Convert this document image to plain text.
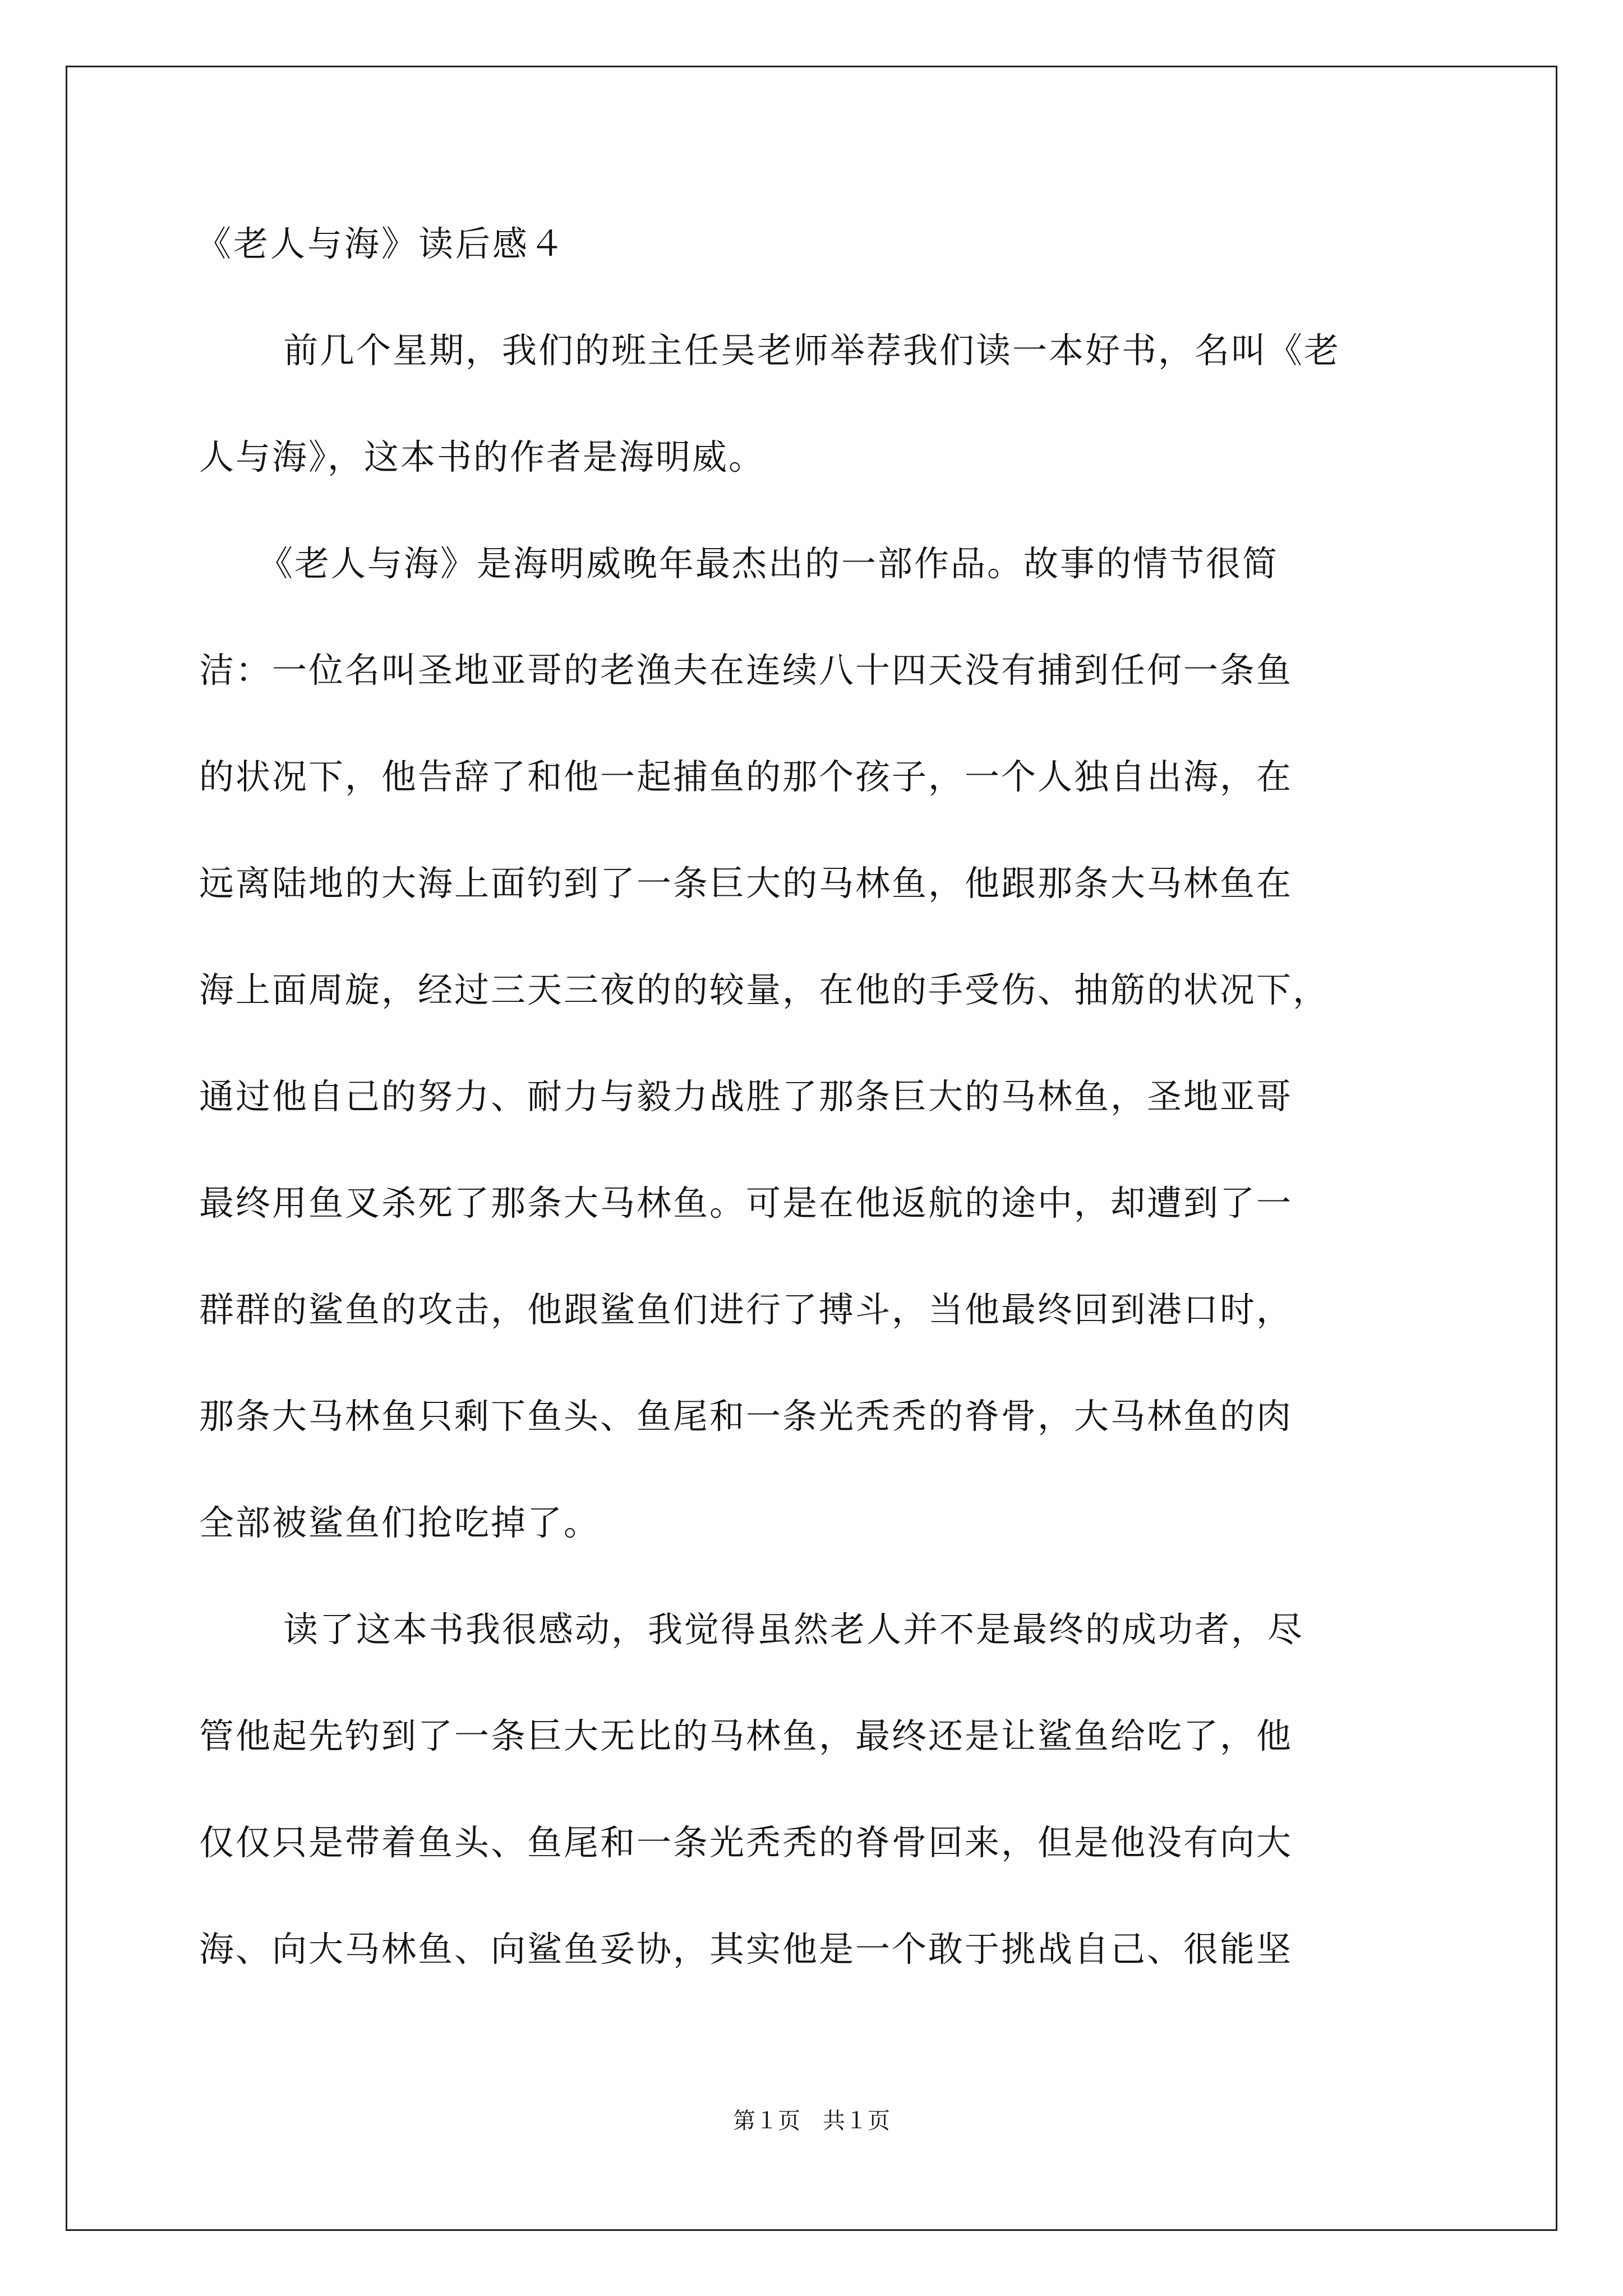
《老人与海》读后感４

前几个星期，我们的班主任吴老师举荐我们读一本好书，名叫《老

人与海》，这本书的作者是海明威。

《老人与海》是海明威晚年最杰出的一部作品。故事的情节很简

洁：一位名叫圣地亚哥的老渔夫在连续八十四天没有捕到任何一条鱼

的状况下，他告辞了和他一起捕鱼的那个孩子，一个人独自出海，在

远离陆地的大海上面钓到了一条巨大的马林鱼，他跟那条大马林鱼在

海上面周旋，经过三天三夜的的较量，在他的手受伤、抽筋的状况下，

通过他自己的努力、耐力与毅力战胜了那条巨大的马林鱼，圣地亚哥

最终用鱼叉杀死了那条大马林鱼。可是在他返航的途中，却遭到了一

群群的鲨鱼的攻击，他跟鲨鱼们进行了搏斗，当他最终回到港口时，

那条大马林鱼只剩下鱼头、鱼尾和一条光秃秃的脊骨，大马林鱼的肉

全部被鲨鱼们抢吃掉了。

读了这本书我很感动，我觉得虽然老人并不是最终的成功者，尽

管他起先钓到了一条巨大无比的马林鱼，最终还是让鲨鱼给吃了，他

仅仅只是带着鱼头、鱼尾和一条光秃秃的脊骨回来，但是他没有向大

海、向大马林鱼、向鲨鱼妥协，其实他是一个敢于挑战自己、很能坚

第１页　共１页
